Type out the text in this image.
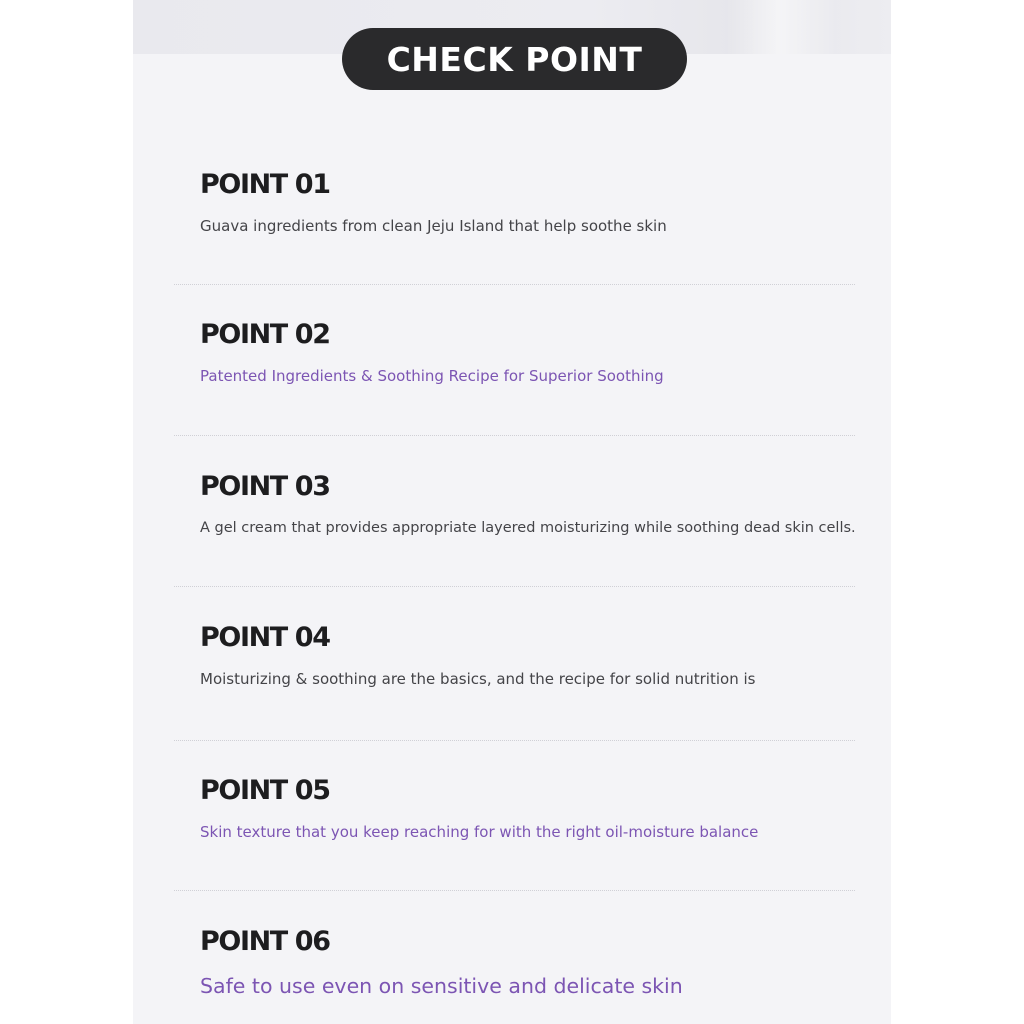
CHECK POINT
POINT 01
Guava ingredients from clean Jeju Island that help soothe skin
POINT 02
Patented Ingredients & Soothing Recipe for Superior Soothing
POINT 03
A gel cream that provides appropriate layered moisturizing while soothing dead skin cells.
POINT 04
Moisturizing & soothing are the basics, and the recipe for solid nutrition is
POINT 05
Skin texture that you keep reaching for with the right oil-moisture balance
POINT 06
Safe to use even on sensitive and delicate skin
